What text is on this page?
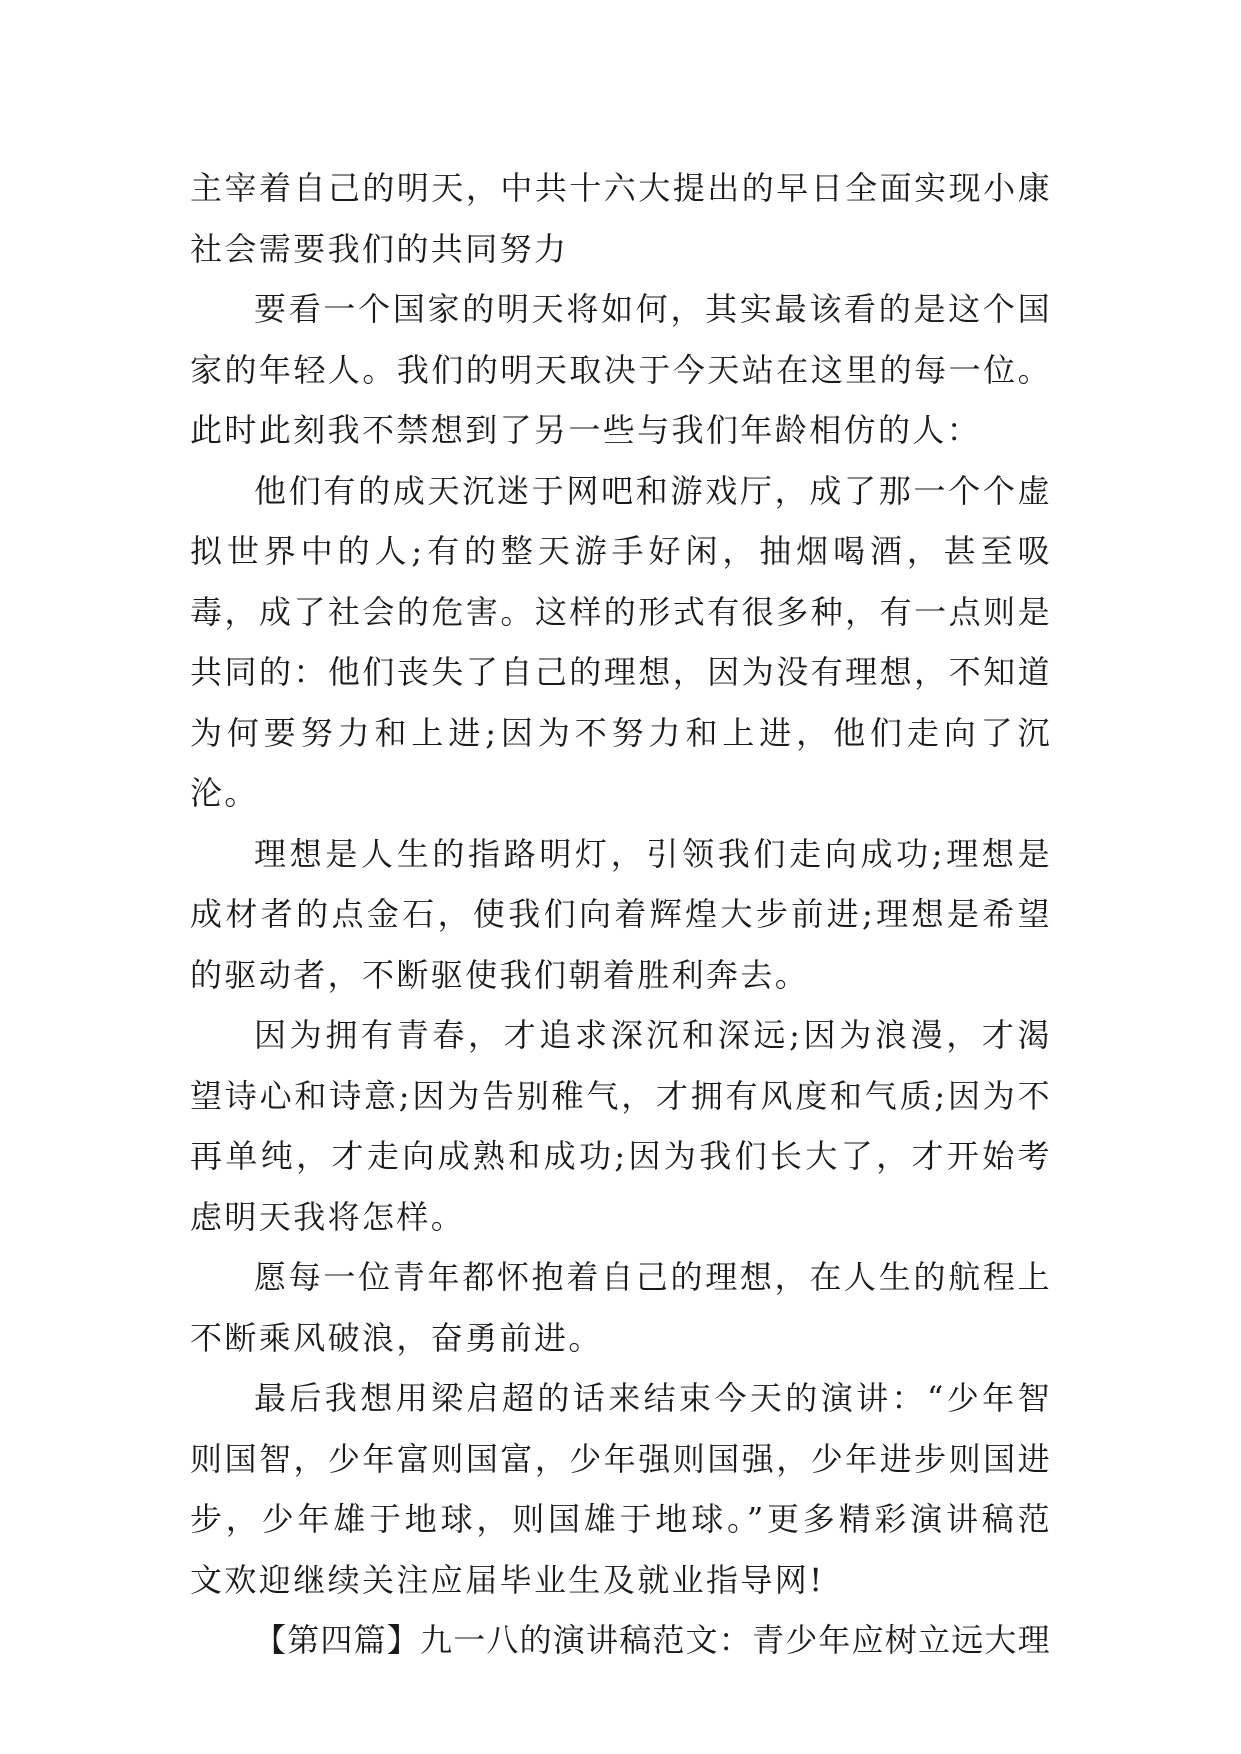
主宰着自己的明天，中共十六大提出的早日全面实现小康社会需要我们的共同努力

要看一个国家的明天将如何，其实最该看的是这个国家的年轻人。我们的明天取决于今天站在这里的每一位。此时此刻我不禁想到了另一些与我们年龄相仿的人：

他们有的成天沉迷于网吧和游戏厅，成了那一个个虚拟世界中的人;有的整天游手好闲，抽烟喝酒，甚至吸毒，成了社会的危害。这样的形式有很多种，有一点则是共同的：他们丧失了自己的理想，因为没有理想，不知道为何要努力和上进;因为不努力和上进，他们走向了沉沦。

理想是人生的指路明灯，引领我们走向成功;理想是成材者的点金石，使我们向着辉煌大步前进;理想是希望的驱动者，不断驱使我们朝着胜利奔去。

因为拥有青春，才追求深沉和深远;因为浪漫，才渴望诗心和诗意;因为告别稚气，才拥有风度和气质;因为不再单纯，才走向成熟和成功;因为我们长大了，才开始考虑明天我将怎样。

愿每一位青年都怀抱着自己的理想，在人生的航程上不断乘风破浪，奋勇前进。

最后我想用梁启超的话来结束今天的演讲：“少年智则国智，少年富则国富，少年强则国强，少年进步则国进步，少年雄于地球，则国雄于地球。”更多精彩演讲稿范文欢迎继续关注应届毕业生及就业指导网!

【第四篇】九一八的演讲稿范文：青少年应树立远大理
